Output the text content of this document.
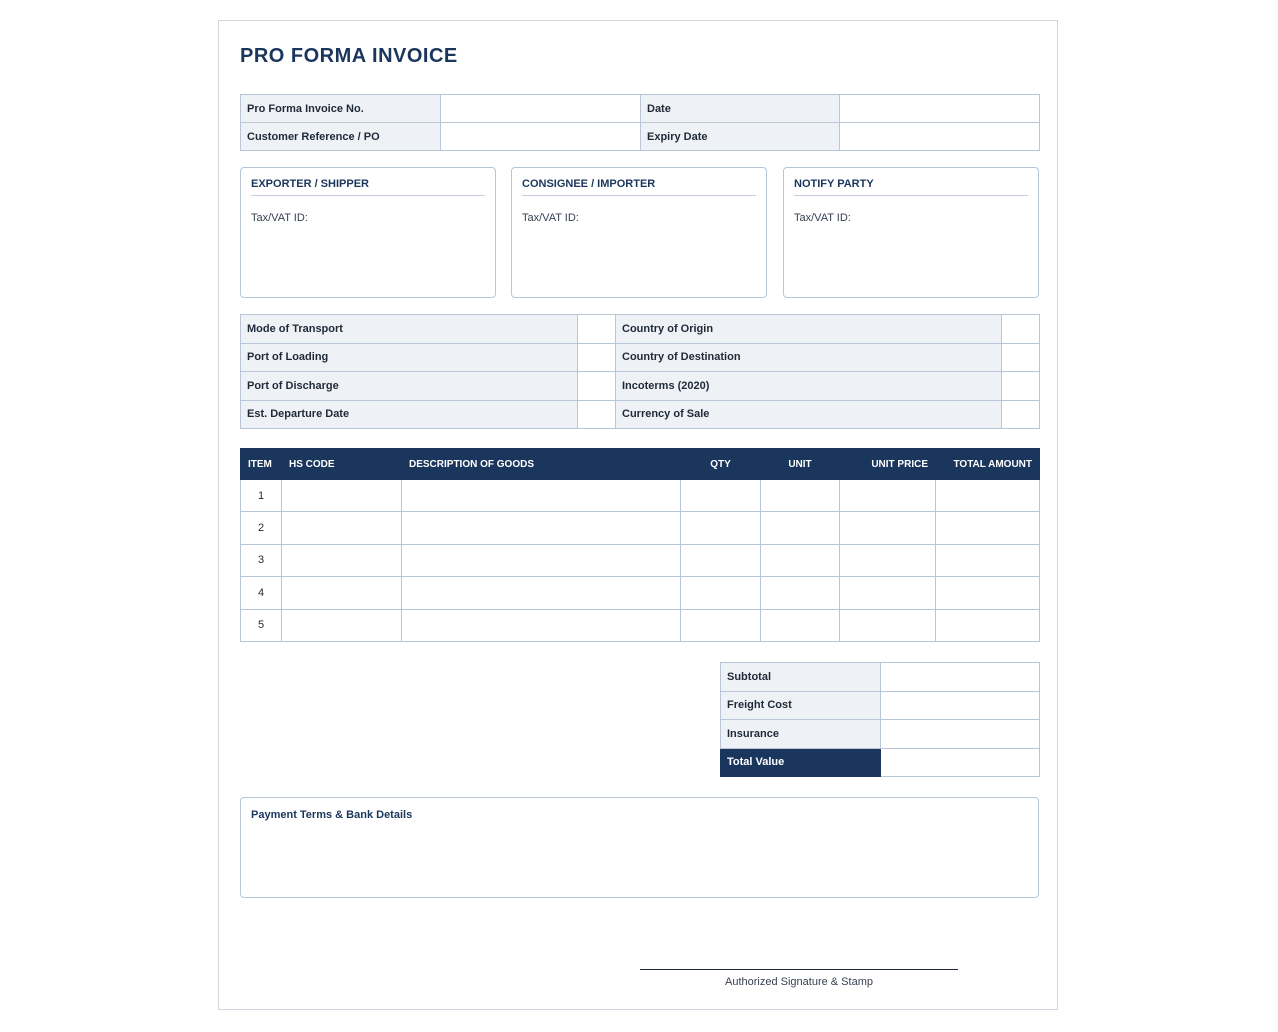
PRO FORMA INVOICE
Pro Forma Invoice No.		Date	
Customer Reference / PO		Expiry Date	
EXPORTER / SHIPPER
Tax/VAT ID:
CONSIGNEE / IMPORTER
Tax/VAT ID:
NOTIFY PARTY
Tax/VAT ID:
Mode of Transport		Country of Origin	
Port of Loading		Country of Destination	
Port of Discharge		Incoterms (2020)	
Est. Departure Date		Currency of Sale	
ITEM	HS CODE	DESCRIPTION OF GOODS	QTY	UNIT	UNIT PRICE	TOTAL AMOUNT
1						
2						
3						
4						
5						
Subtotal	
Freight Cost	
Insurance	
Total Value	
Payment Terms & Bank Details
Authorized Signature & Stamp
